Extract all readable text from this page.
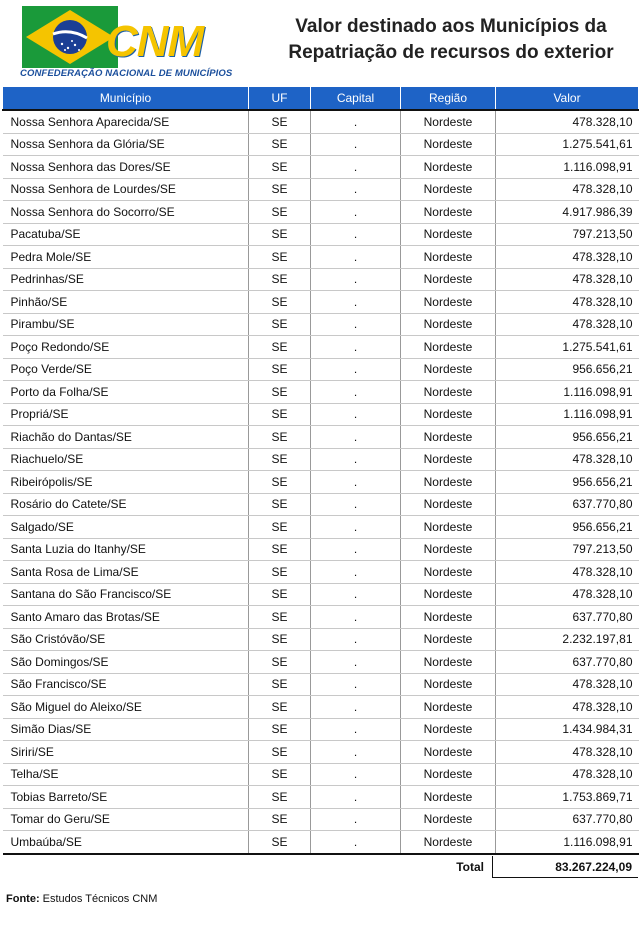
CNM
CONFEDERAÇÃO NACIONAL DE MUNICÍPIOS
Valor destinado aos Municípios da
Repatriação de recursos do exterior
Município	UF	Capital	Região	Valor
Nossa Senhora Aparecida/SE	SE	.	Nordeste	478.328,10
Nossa Senhora da Glória/SE	SE	.	Nordeste	1.275.541,61
Nossa Senhora das Dores/SE	SE	.	Nordeste	1.116.098,91
Nossa Senhora de Lourdes/SE	SE	.	Nordeste	478.328,10
Nossa Senhora do Socorro/SE	SE	.	Nordeste	4.917.986,39
Pacatuba/SE	SE	.	Nordeste	797.213,50
Pedra Mole/SE	SE	.	Nordeste	478.328,10
Pedrinhas/SE	SE	.	Nordeste	478.328,10
Pinhão/SE	SE	.	Nordeste	478.328,10
Pirambu/SE	SE	.	Nordeste	478.328,10
Poço Redondo/SE	SE	.	Nordeste	1.275.541,61
Poço Verde/SE	SE	.	Nordeste	956.656,21
Porto da Folha/SE	SE	.	Nordeste	1.116.098,91
Propriá/SE	SE	.	Nordeste	1.116.098,91
Riachão do Dantas/SE	SE	.	Nordeste	956.656,21
Riachuelo/SE	SE	.	Nordeste	478.328,10
Ribeirópolis/SE	SE	.	Nordeste	956.656,21
Rosário do Catete/SE	SE	.	Nordeste	637.770,80
Salgado/SE	SE	.	Nordeste	956.656,21
Santa Luzia do Itanhy/SE	SE	.	Nordeste	797.213,50
Santa Rosa de Lima/SE	SE	.	Nordeste	478.328,10
Santana do São Francisco/SE	SE	.	Nordeste	478.328,10
Santo Amaro das Brotas/SE	SE	.	Nordeste	637.770,80
São Cristóvão/SE	SE	.	Nordeste	2.232.197,81
São Domingos/SE	SE	.	Nordeste	637.770,80
São Francisco/SE	SE	.	Nordeste	478.328,10
São Miguel do Aleixo/SE	SE	.	Nordeste	478.328,10
Simão Dias/SE	SE	.	Nordeste	1.434.984,31
Siriri/SE	SE	.	Nordeste	478.328,10
Telha/SE	SE	.	Nordeste	478.328,10
Tobias Barreto/SE	SE	.	Nordeste	1.753.869,71
Tomar do Geru/SE	SE	.	Nordeste	637.770,80
Umbaúba/SE	SE	.	Nordeste	1.116.098,91
Total	83.267.224,09
Fonte: Estudos Técnicos CNM
